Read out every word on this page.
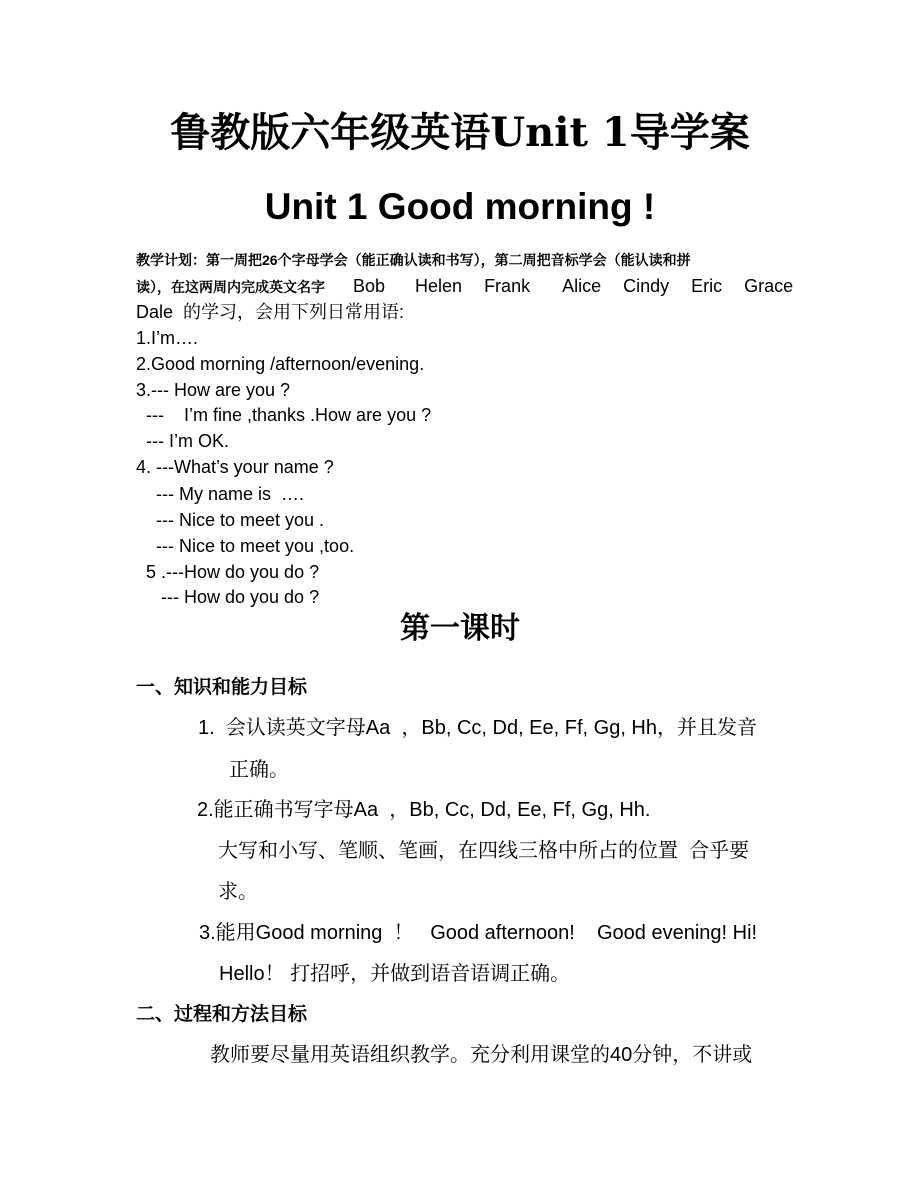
鲁教版六年级英语Unit 1导学案
Unit 1 Good morning !
教学计划：第一周把26个字母学会（能正确认读和书写），第二周把音标学会（能认读和拼
读），在这两周内完成英文名字 Bob Helen Frank Alice Cindy Eric Grace
Dale  的学习，会用下列日常用语:
1.I’m….
2.Good morning /afternoon/evening.
3.--- How are you ?
---    I’m fine ,thanks .How are you ?
--- I’m OK.
4. ---What’s your name ?
--- My name is  ….
--- Nice to meet you .
--- Nice to meet you ,too.
5 .---How do you do ?
--- How do you do ?
第一课时
一、知识和能力目标
1.  会认读英文字母Aa  ，Bb, Cc, Dd, Ee, Ff, Gg, Hh，并且发音
正确。
2.能正确书写字母Aa  ，Bb, Cc, Dd, Ee, Ff, Gg, Hh.
大写和小写、笔顺、笔画，在四线三格中所占的位置  合乎要
求。
3.能用Good morning  ！   Good afternoon!    Good evening! Hi!
Hello！ 打招呼，并做到语音语调正确。
二、过程和方法目标
教师要尽量用英语组织教学。充分利用课堂的40分钟，不讲或
